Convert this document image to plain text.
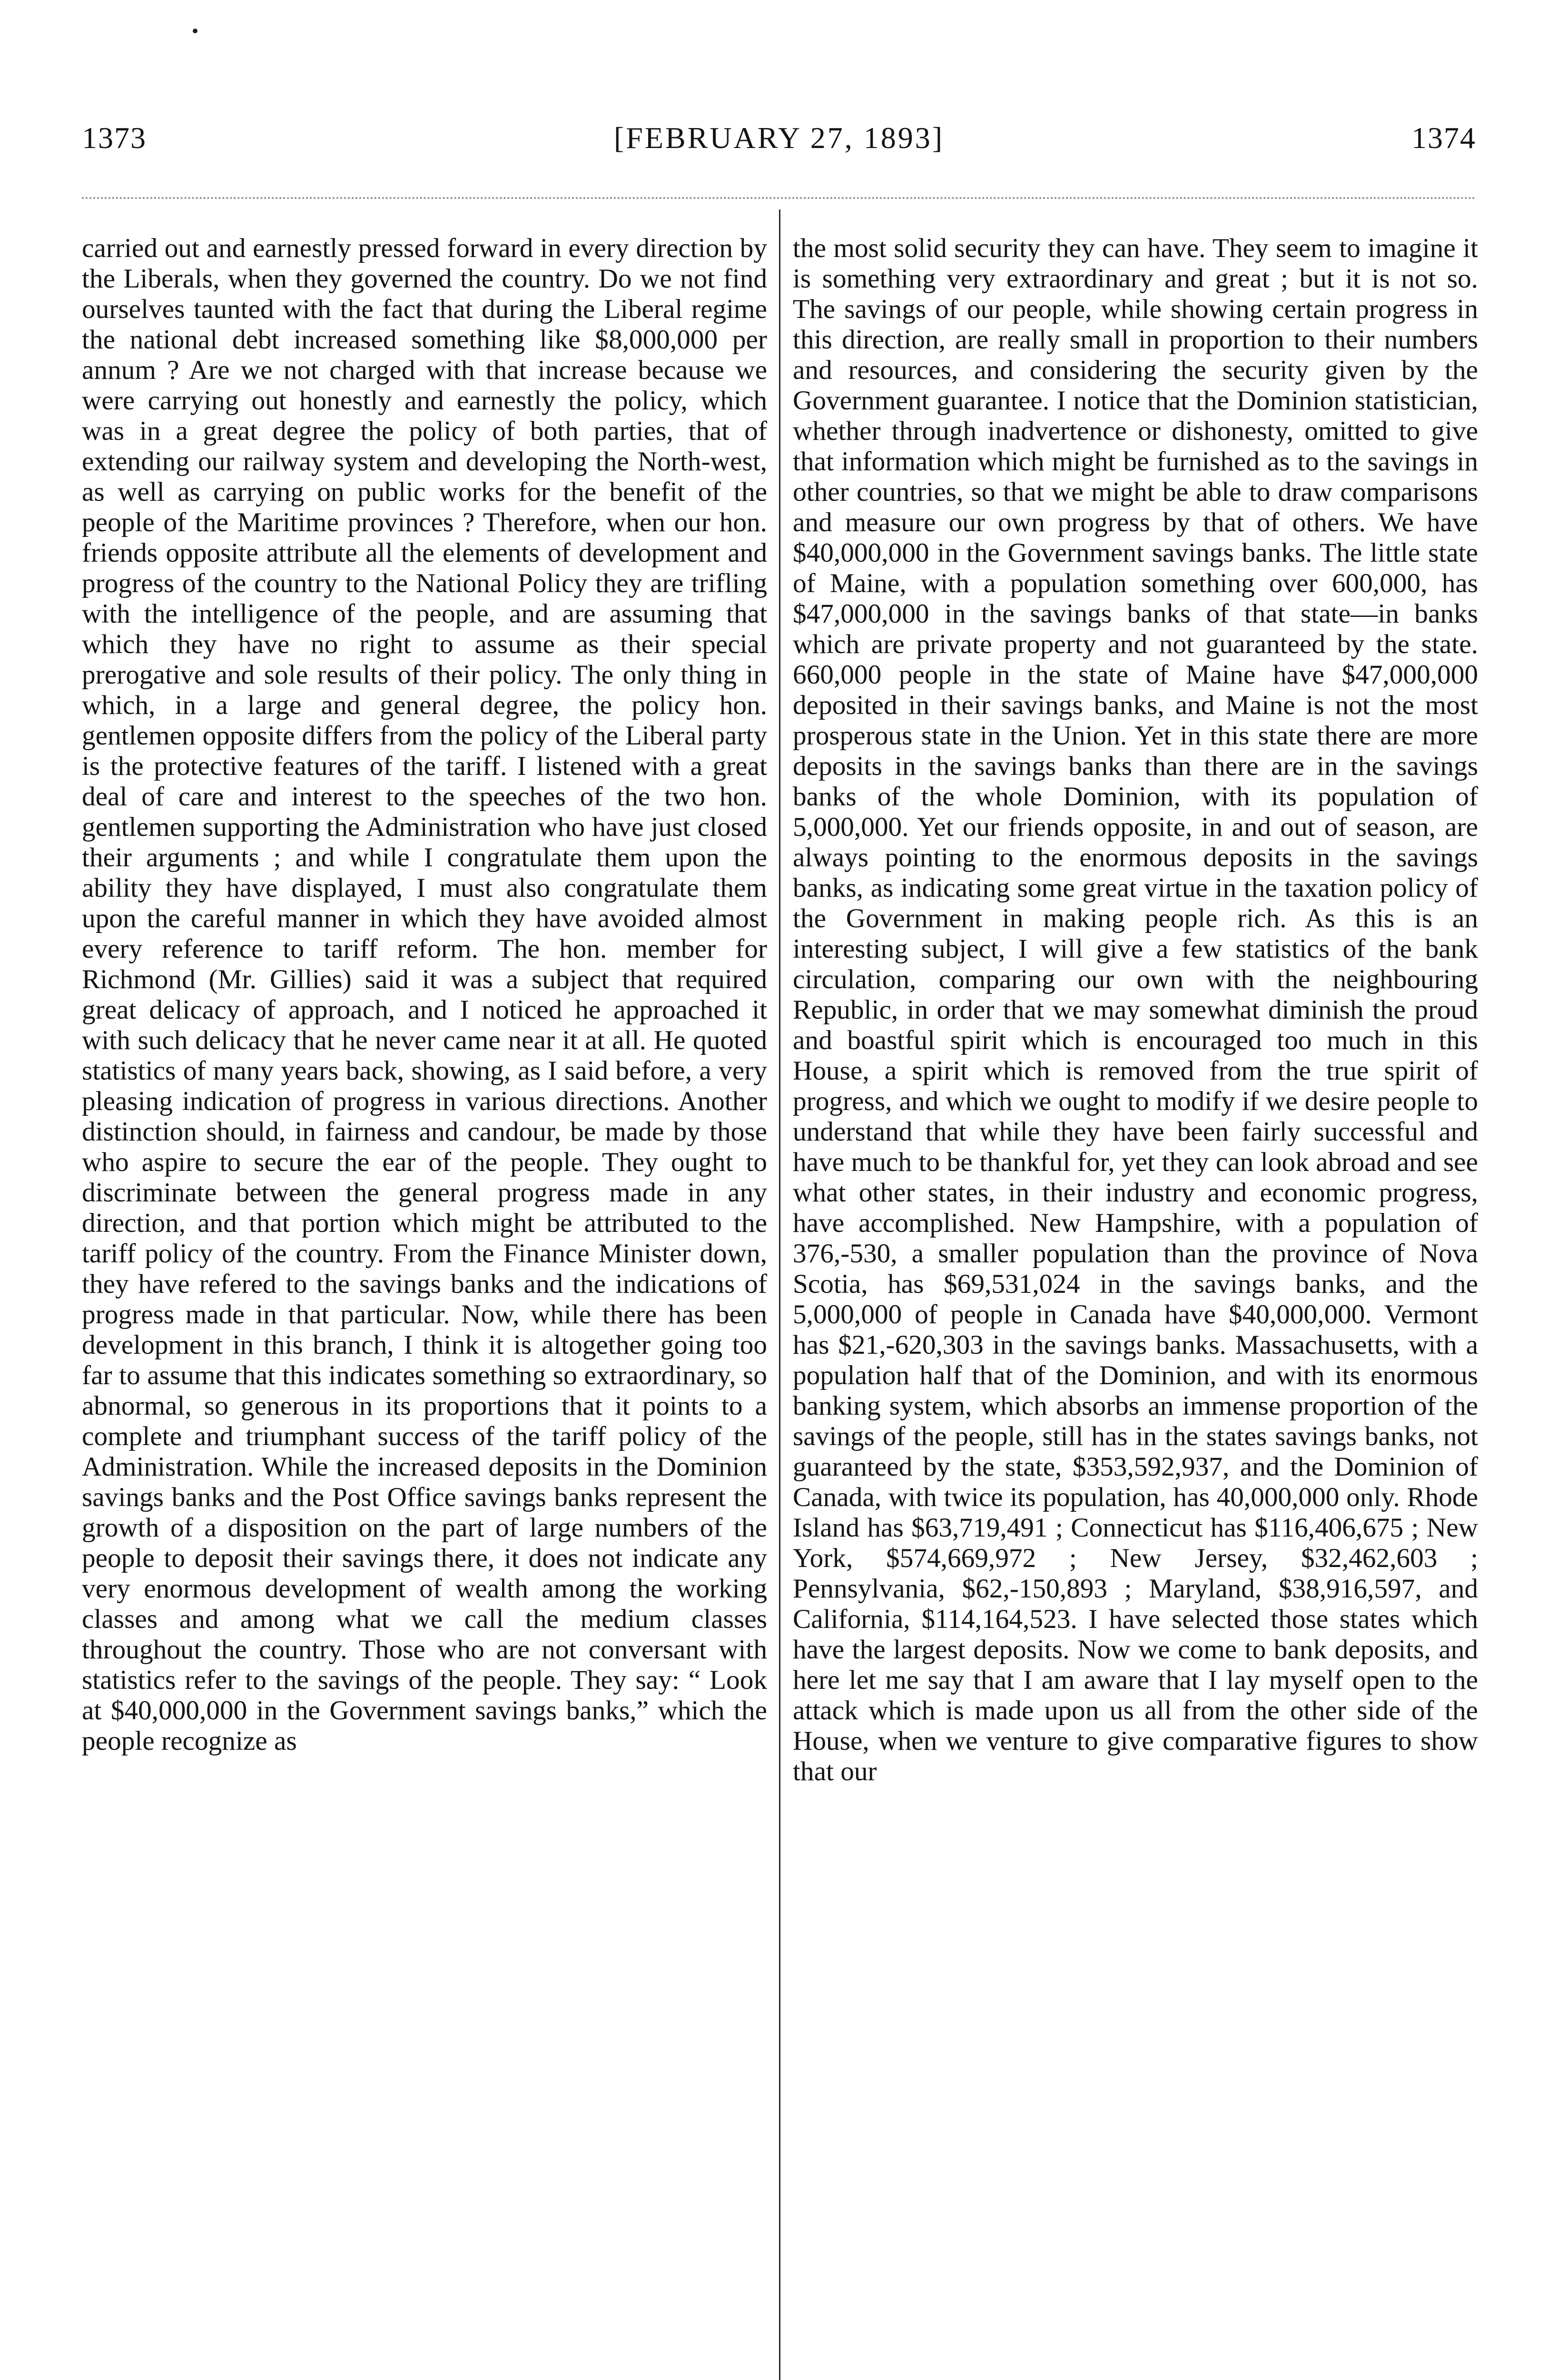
1373	[FEBRUARY 27, 1893]	1374

carried out and earnestly pressed forward in every direction by the Liberals, when they governed the country. Do we not find ourselves taunted with the fact that during the Liberal regime the national debt increased something like $8,000,000 per annum ? Are we not charged with that increase because we were carrying out honestly and earnestly the policy, which was in a great degree the policy of both parties, that of extending our railway system and developing the North-west, as well as carrying on public works for the benefit of the people of the Maritime provinces ? Therefore, when our hon. friends opposite attribute all the elements of development and progress of the country to the National Policy they are trifling with the intelligence of the people, and are assuming that which they have no right to assume as their special prerogative and sole results of their policy. The only thing in which, in a large and general degree, the policy hon. gentlemen opposite differs from the policy of the Liberal party is the protective features of the tariff. I listened with a great deal of care and interest to the speeches of the two hon. gentlemen supporting the Administration who have just closed their arguments ; and while I congratulate them upon the ability they have displayed, I must also congratulate them upon the careful manner in which they have avoided almost every reference to tariff reform. The hon. member for Richmond (Mr. Gillies) said it was a subject that required great delicacy of approach, and I noticed he approached it with such delicacy that he never came near it at all. He quoted statistics of many years back, showing, as I said before, a very pleasing indication of progress in various directions. Another distinction should, in fairness and candour, be made by those who aspire to secure the ear of the people. They ought to discriminate between the general progress made in any direction, and that portion which might be attributed to the tariff policy of the country. From the Finance Minister down, they have refered to the savings banks and the indications of progress made in that particular. Now, while there has been development in this branch, I think it is altogether going too far to assume that this indicates something so extraordinary, so abnormal, so generous in its proportions that it points to a complete and triumphant success of the tariff policy of the Administration. While the increased deposits in the Dominion savings banks and the Post Office savings banks represent the growth of a disposition on the part of large numbers of the people to deposit their savings there, it does not indicate any very enormous development of wealth among the working classes and among what we call the medium classes throughout the country. Those who are not conversant with statistics refer to the savings of the people. They say: “ Look at $40,000,000 in the Government savings banks,” which the people recognize as

the most solid security they can have. They seem to imagine it is something very extraordinary and great ; but it is not so. The savings of our people, while showing certain progress in this direction, are really small in proportion to their numbers and resources, and considering the security given by the Government guarantee. I notice that the Dominion statistician, whether through inadvertence or dishonesty, omitted to give that information which might be furnished as to the savings in other countries, so that we might be able to draw comparisons and measure our own progress by that of others. We have $40,000,000 in the Government savings banks. The little state of Maine, with a population something over 600,000, has $47,000,000 in the savings banks of that state—in banks which are private property and not guaranteed by the state. 660,000 people in the state of Maine have $47,000,000 deposited in their savings banks, and Maine is not the most prosperous state in the Union. Yet in this state there are more deposits in the savings banks than there are in the savings banks of the whole Dominion, with its population of 5,000,000. Yet our friends opposite, in and out of season, are always pointing to the enormous deposits in the savings banks, as indicating some great virtue in the taxation policy of the Government in making people rich. As this is an interesting subject, I will give a few statistics of the bank circulation, comparing our own with the neighbouring Republic, in order that we may somewhat diminish the proud and boastful spirit which is encouraged too much in this House, a spirit which is removed from the true spirit of progress, and which we ought to modify if we desire people to understand that while they have been fairly successful and have much to be thankful for, yet they can look abroad and see what other states, in their industry and economic progress, have accomplished. New Hampshire, with a population of 376,-530, a smaller population than the province of Nova Scotia, has $69,531,024 in the savings banks, and the 5,000,000 of people in Canada have $40,000,000. Vermont has $21,-620,303 in the savings banks. Massachusetts, with a population half that of the Dominion, and with its enormous banking system, which absorbs an immense proportion of the savings of the people, still has in the states savings banks, not guaranteed by the state, $353,592,937, and the Dominion of Canada, with twice its population, has 40,000,000 only. Rhode Island has $63,719,491 ; Connecticut has $116,406,675 ; New York, $574,669,972 ; New Jersey, $32,462,603 ; Pennsylvania, $62,-150,893 ; Maryland, $38,916,597, and California, $114,164,523. I have selected those states which have the largest deposits. Now we come to bank deposits, and here let me say that I am aware that I lay myself open to the attack which is made upon us all from the other side of the House, when we venture to give comparative figures to show that our
